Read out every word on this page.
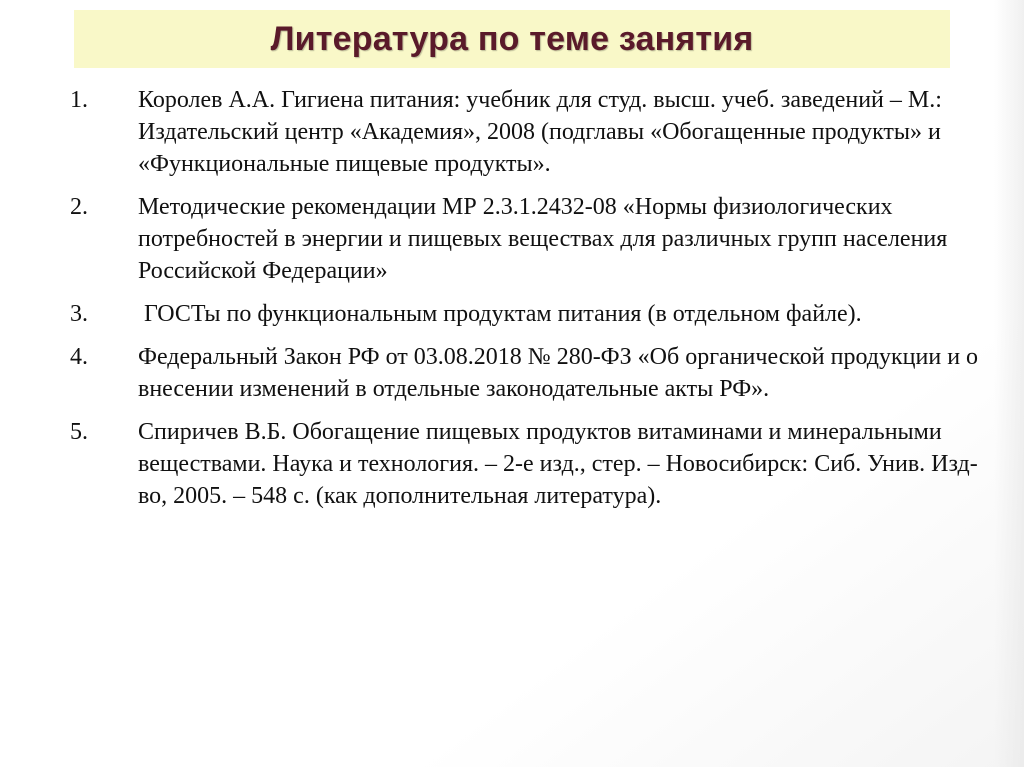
Литература по теме занятия
1. Королев А.А. Гигиена питания: учебник для студ. высш. учеб. заведений – М.: Издательский центр «Академия», 2008 (подглавы «Обогащенные продукты» и «Функциональные пищевые продукты».
2. Методические рекомендации МР 2.3.1.2432-08 «Нормы физиологических потребностей в энергии и пищевых веществах для различных групп населения   Российской Федерации»
3. ГОСТы по функциональным продуктам питания (в отдельном файле).
4. Федеральный Закон РФ от 03.08.2018 № 280-ФЗ «Об органической продукции и о внесении изменений в отдельные законодательные акты РФ».
5. Спиричев В.Б. Обогащение пищевых продуктов витаминами и минеральными веществами. Наука и технология. – 2-е изд., стер. – Новосибирск: Сиб. Унив. Изд-во, 2005. – 548 с. (как дополнительная литература).
